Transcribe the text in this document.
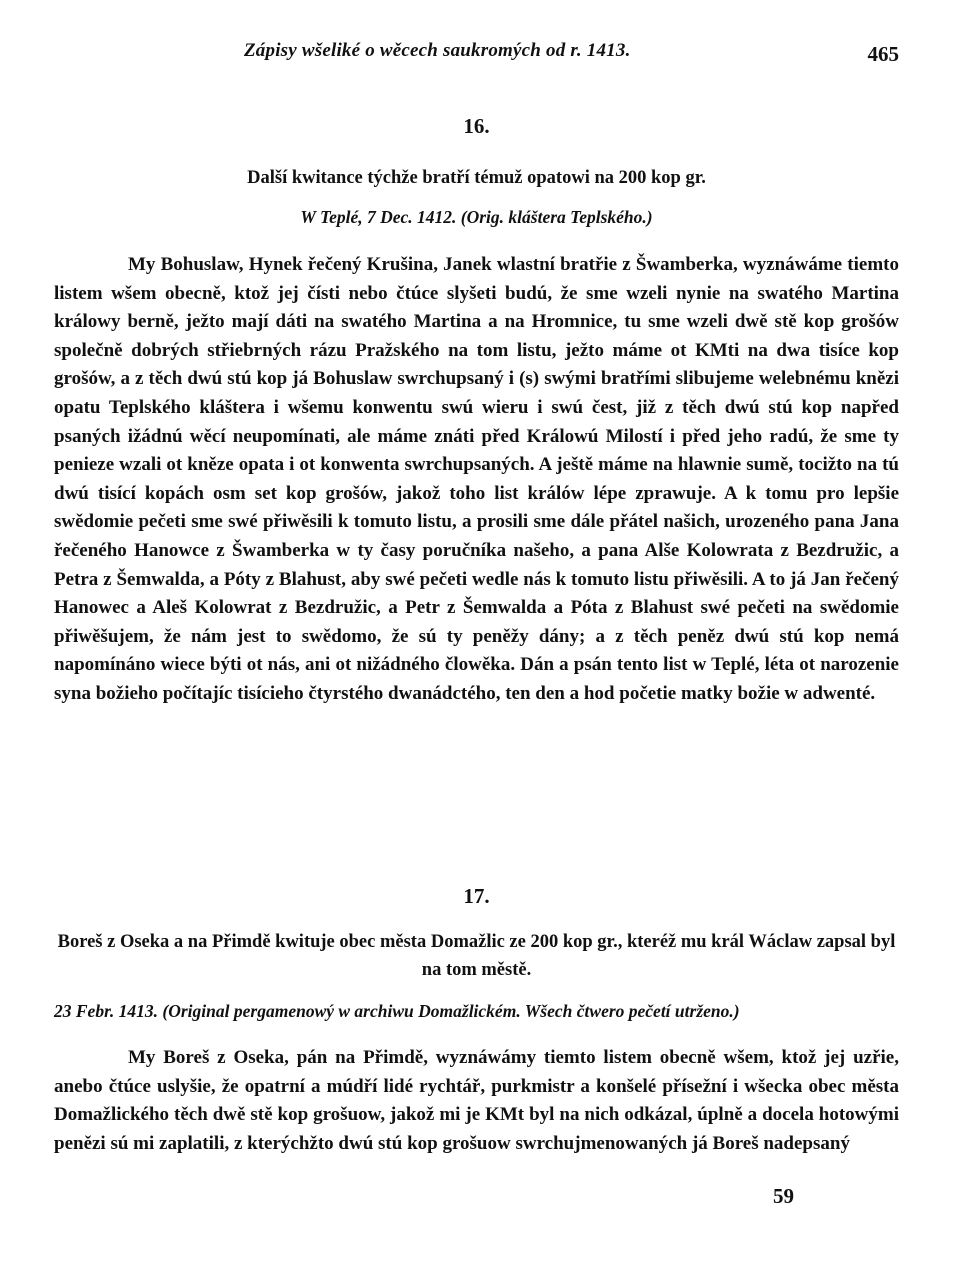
Zápisy wšeliké o wěcech saukromých od r. 1413.	465
16.
Další kwitance týchže bratří témuž opatowi na 200 kop gr.
W Teplé, 7 Dec. 1412. (Orig. kláštera Teplského.)

My Bohuslaw, Hynek řečený Krušina, Janek wlastní bratřie z Šwamberka, wyznáwáme tiemto listem wšem obecně, ktož jej čísti nebo čtúce slyšeti budú, že sme wzeli nynie na swatého Martina králowy berně, ježto mají dáti na swatého Martina a na Hromnice, tu sme wzeli dwě stě kop grošów společně dobrých střiebrných rázu Pražského na tom listu, ježto máme ot KMti na dwa tisíce kop grošów, a z těch dwú stú kop já Bohuslaw swrchupsaný i (s) swými bratřími slibujeme welebnému knězi opatu Teplského kláštera i wšemu konwentu swú wieru i swú čest, již z těch dwú stú kop napřed psaných ižádnú wěcí neupomínati, ale máme znáti před Králowú Milostí i před jeho radú, že sme ty penieze wzali ot kněze opata i ot konwenta swrchupsaných. A ještě máme na hlawnie sumě, tocižto na tú dwú tisící kopách osm set kop grošów, jakož toho list králów lépe zprawuje. A k tomu pro lepšie swědomie pečeti sme swé přiwěsili k tomuto listu, a prosili sme dále přátel našich, urozeného pana Jana řečeného Hanowce z Šwamberka w ty časy poručníka našeho, a pana Alše Kolowrata z Bezdružic, a Petra z Šemwalda, a Póty z Blahust, aby swé pečeti wedle nás k tomuto listu přiwěsili. A to já Jan řečený Hanowec a Aleš Kolowrat z Bezdružic, a Petr z Šemwalda a Póta z Blahust swé pečeti na swědomie přiwěšujem, že nám jest to swědomo, že sú ty peněžy dány; a z těch peněz dwú stú kop nemá napomínáno wiece býti ot nás, ani ot nižádného člowěka. Dán a psán tento list w Teplé, léta ot narozenie syna božieho počítajíc tisícieho čtyrstého dwanádctého, ten den a hod početie matky božie w adwenté.

17.
Boreš z Oseka a na Přimdě kwituje obec města Domažlic ze 200 kop gr., kteréž mu král Wáclaw zapsal byl na tom městě.
23 Febr. 1413. (Original pergamenowý w archiwu Domažlickém. Wšech čtwero pečetí utrženo.)

My Boreš z Oseka, pán na Přimdě, wyznáwámy tiemto listem obecně wšem, ktož jej uzřie, anebo čtúce uslyšie, že opatrní a múdří lidé rychtář, purkmistr a konšelé přísežní i wšecka obec města Domažlického těch dwě stě kop grošuow, jakož mi je KMt byl na nich odkázal, úplně a docela hotowými penězi sú mi zaplatili, z kterýchžto dwú stú kop grošuow swrchujmenowaných já Boreš nadepsaný

59
